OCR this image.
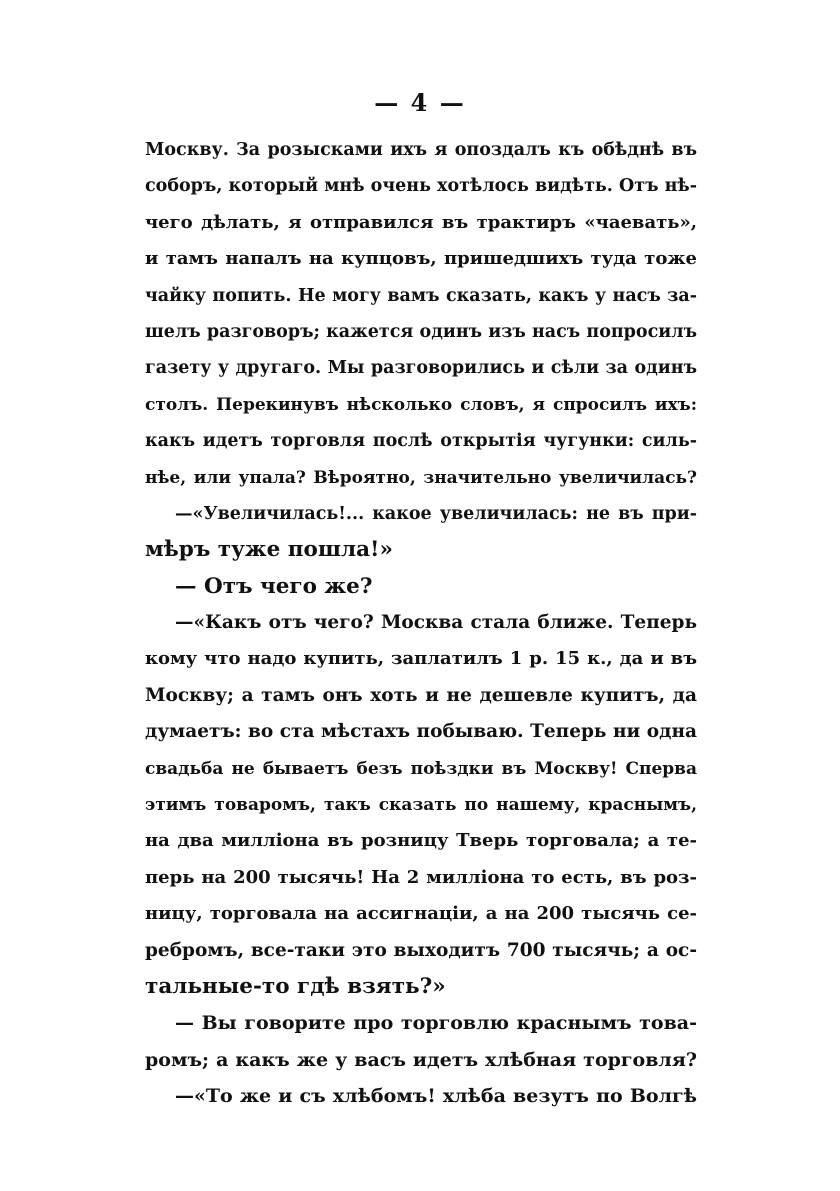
— 4 —
Москву. За розысками ихъ я опоздалъ къ обѣднѣ въ
соборъ, который мнѣ очень хотѣлось видѣть. Отъ нѣ-
чего дѣлать, я отправился въ трактиръ «чаевать»,
и тамъ напалъ на купцовъ, пришедшихъ туда тоже
чайку попить. Не могу вамъ сказать, какъ у насъ за-
шелъ разговоръ; кажется одинъ изъ насъ попросилъ
газету у другаго. Мы разговорились и сѣли за одинъ
столъ. Перекинувъ нѣсколько словъ, я спросилъ ихъ:
какъ идетъ торговля послѣ открытія чугунки: силь-
нѣе, или упала? Вѣроятно, значительно увеличилась?
—«Увеличилась!... какое увеличилась: не въ при-
мѣръ туже пошла!»
— Отъ чего же?
—«Какъ отъ чего? Москва стала ближе. Теперь
кому что надо купить, заплатилъ 1 р. 15 к., да и въ
Москву; а тамъ онъ хоть и не дешевле купитъ, да
думаетъ: во ста мѣстахъ побываю. Теперь ни одна
свадьба не бываетъ безъ поѣздки въ Москву! Сперва
этимъ товаромъ, такъ сказать по нашему, краснымъ,
на два милліона въ розницу Тверь торговала; а те-
перь на 200 тысячь! На 2 милліона то есть, въ роз-
ницу, торговала на ассигнаціи, а на 200 тысячь се-
ребромъ, все-таки это выходитъ 700 тысячь; а ос-
тальные-то гдѣ взять?»
— Вы говорите про торговлю краснымъ това-
ромъ; а какъ же у васъ идетъ хлѣбная торговля?
—«То же и съ хлѣбомъ! хлѣба везутъ по Волгѣ
